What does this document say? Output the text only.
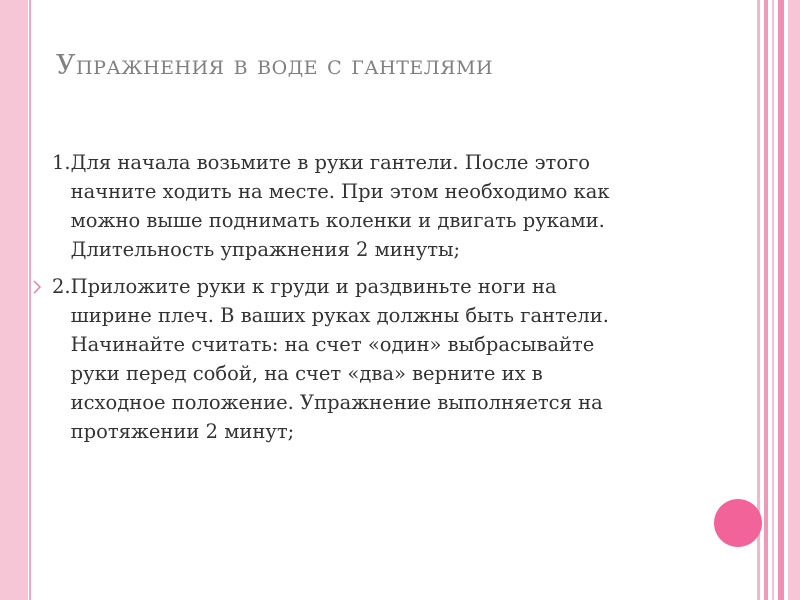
Упражнения в воде с гантелями
1. Для начала возьмите в руки гантели. После этого
начните ходить на месте. При этом необходимо как
можно выше поднимать коленки и двигать руками.
Длительность упражнения 2 минуты;
2. Приложите руки к груди и раздвиньте ноги на
ширине плеч. В ваших руках должны быть гантели.
Начинайте считать: на счет «один» выбрасывайте
руки перед собой, на счет «два» верните их в
исходное положение. Упражнение выполняется на
протяжении 2 минут;
